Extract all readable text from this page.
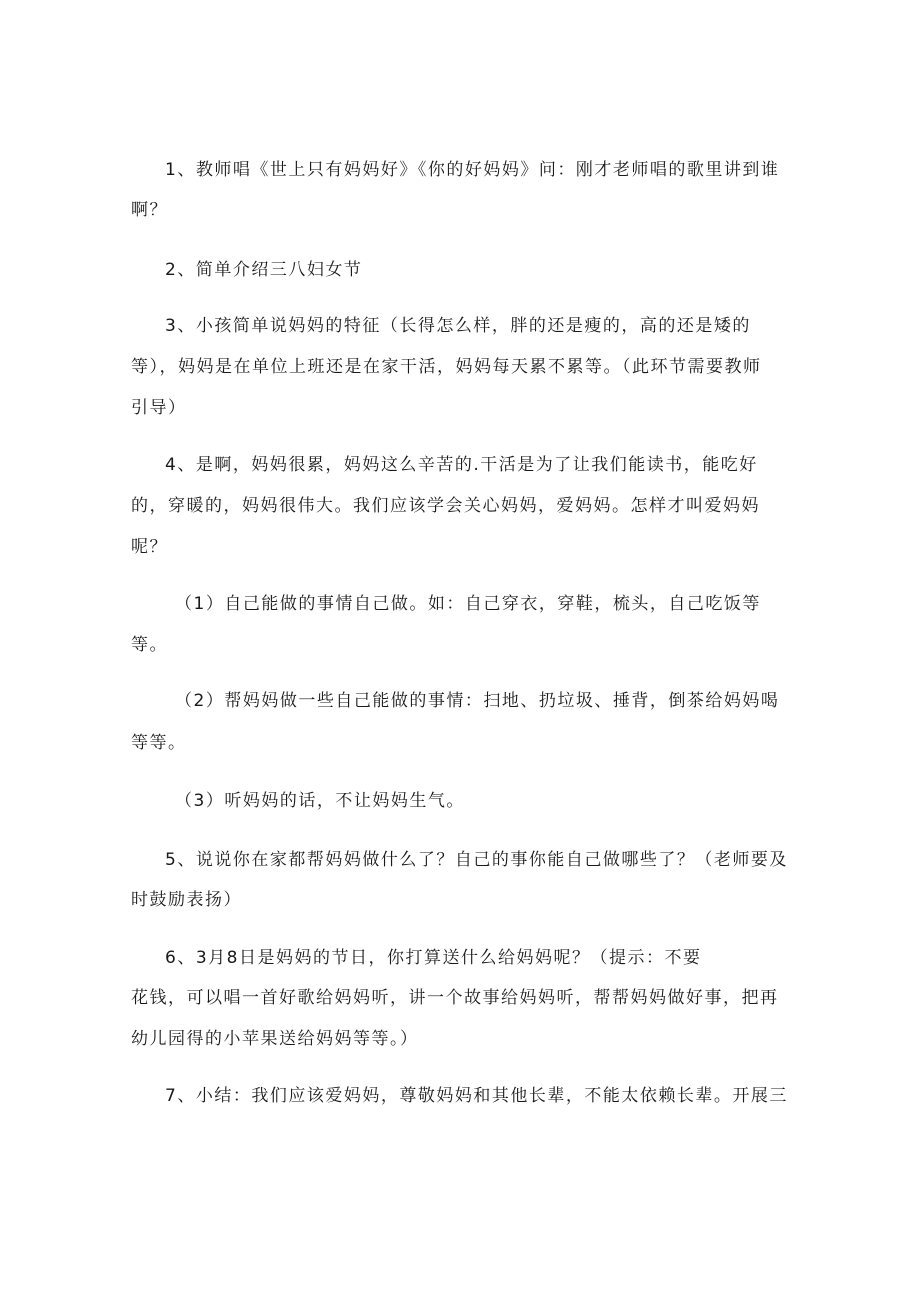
1、教师唱《世上只有妈妈好》《你的好妈妈》问：刚才老师唱的歌里讲到谁
啊？
2、简单介绍三八妇女节
3、小孩简单说妈妈的特征（长得怎么样，胖的还是瘦的，高的还是矮的
等），妈妈是在单位上班还是在家干活，妈妈每天累不累等。（此环节需要教师
引导）
4、是啊，妈妈很累，妈妈这么辛苦的.干活是为了让我们能读书，能吃好
的，穿暖的，妈妈很伟大。我们应该学会关心妈妈，爱妈妈。怎样才叫爱妈妈
呢？
（1）自己能做的事情自己做。如：自己穿衣，穿鞋，梳头，自己吃饭等
等。
（2）帮妈妈做一些自己能做的事情：扫地、扔垃圾、捶背，倒茶给妈妈喝
等等。
（3）听妈妈的话，不让妈妈生气。
5、说说你在家都帮妈妈做什么了？自己的事你能自己做哪些了？（老师要及
时鼓励表扬）
6、3月8日是妈妈的节日，你打算送什么给妈妈呢？（提示：不要
花钱，可以唱一首好歌给妈妈听，讲一个故事给妈妈听，帮帮妈妈做好事，把再
幼儿园得的小苹果送给妈妈等等。）
7、小结：我们应该爱妈妈，尊敬妈妈和其他长辈，不能太依赖长辈。开展三
